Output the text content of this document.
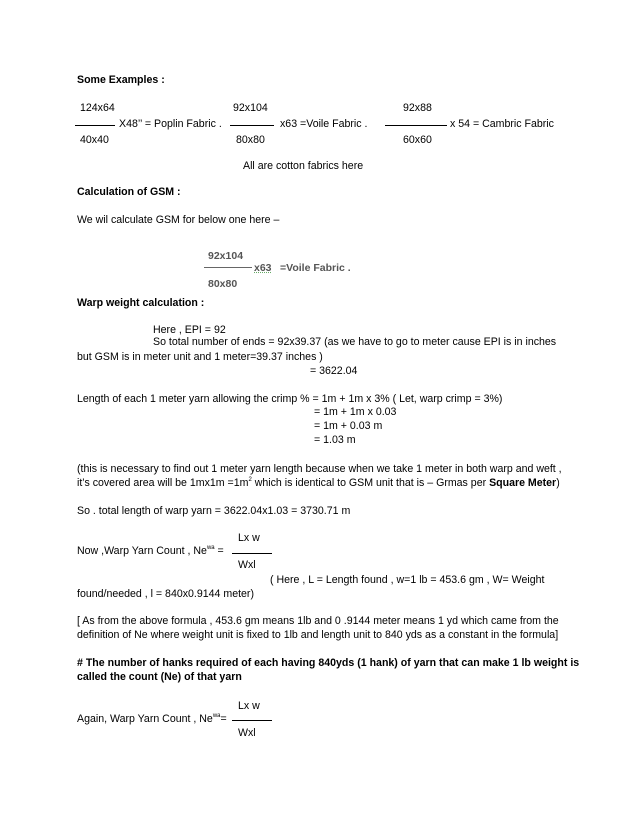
Some Examples :
124x64
X48’’ = Poplin Fabric .
40x40
92x104
x63 =Voile Fabric .
80x80
92x88
x 54 = Cambric Fabric
60x60
All are cotton fabrics here
Calculation of GSM :
We wil calculate GSM for below one here –
92x104
x63 =Voile Fabric .
80x80
Warp weight calculation :
Here , EPI = 92
So total number of ends = 92x39.37 (as we have to go to meter cause EPI is in inches
but GSM is in meter unit and 1 meter=39.37 inches )
= 3622.04
Length of each 1 meter yarn allowing the crimp % = 1m + 1m x 3% ( Let, warp crimp = 3%)
= 1m + 1m x 0.03
= 1m + 0.03 m
= 1.03 m
(this is necessary to find out 1 meter yarn length because when we take 1 meter in both warp and weft ,
it’s covered area will be $1mx1m =1m^2$ which is identical to GSM unit that is – Grmas per Square Meter)
So . total length of warp yarn = 3622.04x1.03 = 3730.71 m
Lx w
Now ,Warp Yarn Count , $Ne^{wa}$ =
Wxl
( Here , L = Length found , w=1 lb = 453.6 gm , W= Weight
found/needed , l = 840x0.9144 meter)
[ As from the above formula , 453.6 gm means 1lb and 0 .9144 meter means 1 yd which came from the
definition of Ne where weight unit is fixed to 1lb and length unit to 840 yds as a constant in the formula]
# The number of hanks required of each having 840yds (1 hank) of yarn that can make 1 lb weight is
called the count (Ne) of that yarn
Lx w
Again, Warp Yarn Count , $Ne^{wa}=$
Wxl
